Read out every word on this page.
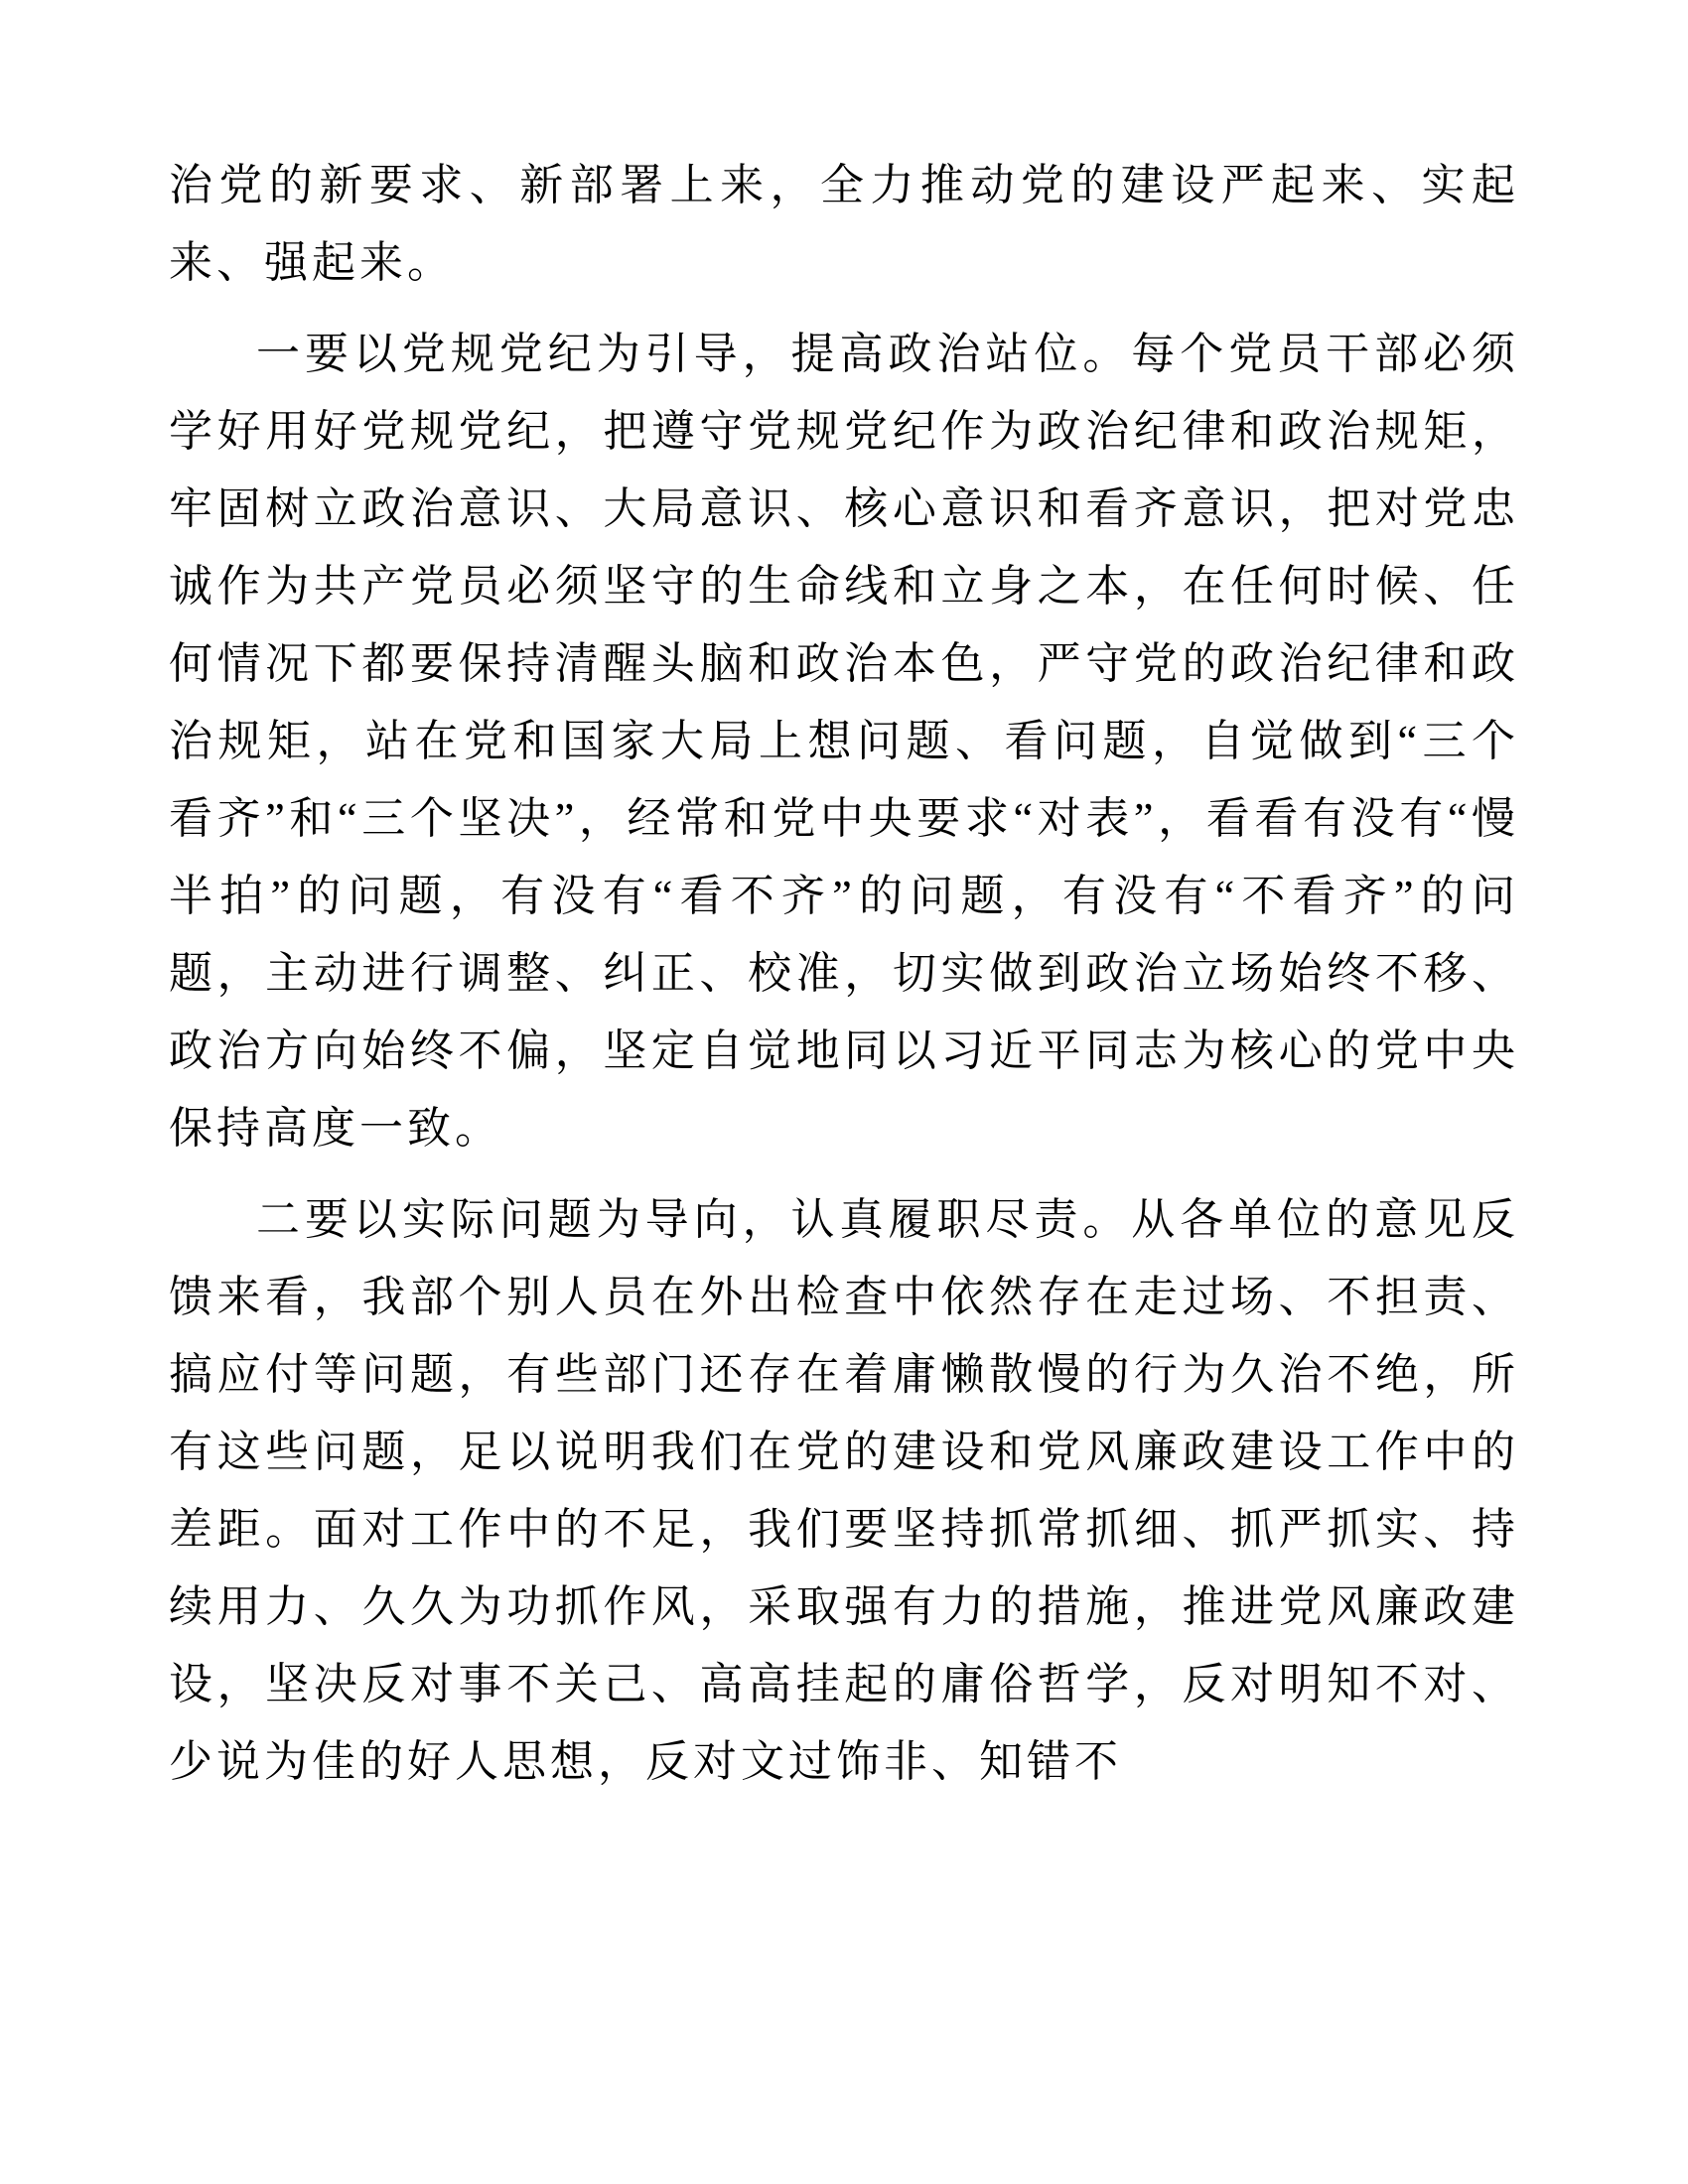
治党的新要求、新部署上来，全力推动党的建设严起来、实起来、强起来。

一要以党规党纪为引导，提高政治站位。每个党员干部必须学好用好党规党纪，把遵守党规党纪作为政治纪律和政治规矩，牢固树立政治意识、大局意识、核心意识和看齐意识，把对党忠诚作为共产党员必须坚守的生命线和立身之本，在任何时候、任何情况下都要保持清醒头脑和政治本色，严守党的政治纪律和政治规矩，站在党和国家大局上想问题、看问题，自觉做到“三个看齐”和“三个坚决”，经常和党中央要求“对表”，看看有没有“慢半拍”的问题，有没有“看不齐”的问题，有没有“不看齐”的问题，主动进行调整、纠正、校准，切实做到政治立场始终不移、政治方向始终不偏，坚定自觉地同以习近平同志为核心的党中央保持高度一致。

二要以实际问题为导向，认真履职尽责。从各单位的意见反馈来看，我部个别人员在外出检查中依然存在走过场、不担责、搞应付等问题，有些部门还存在着庸懒散慢的行为久治不绝，所有这些问题，足以说明我们在党的建设和党风廉政建设工作中的差距。面对工作中的不足，我们要坚持抓常抓细、抓严抓实、持续用力、久久为功抓作风，采取强有力的措施，推进党风廉政建设，坚决反对事不关己、高高挂起的庸俗哲学，反对明知不对、少说为佳的好人思想，反对文过饰非、知错不
